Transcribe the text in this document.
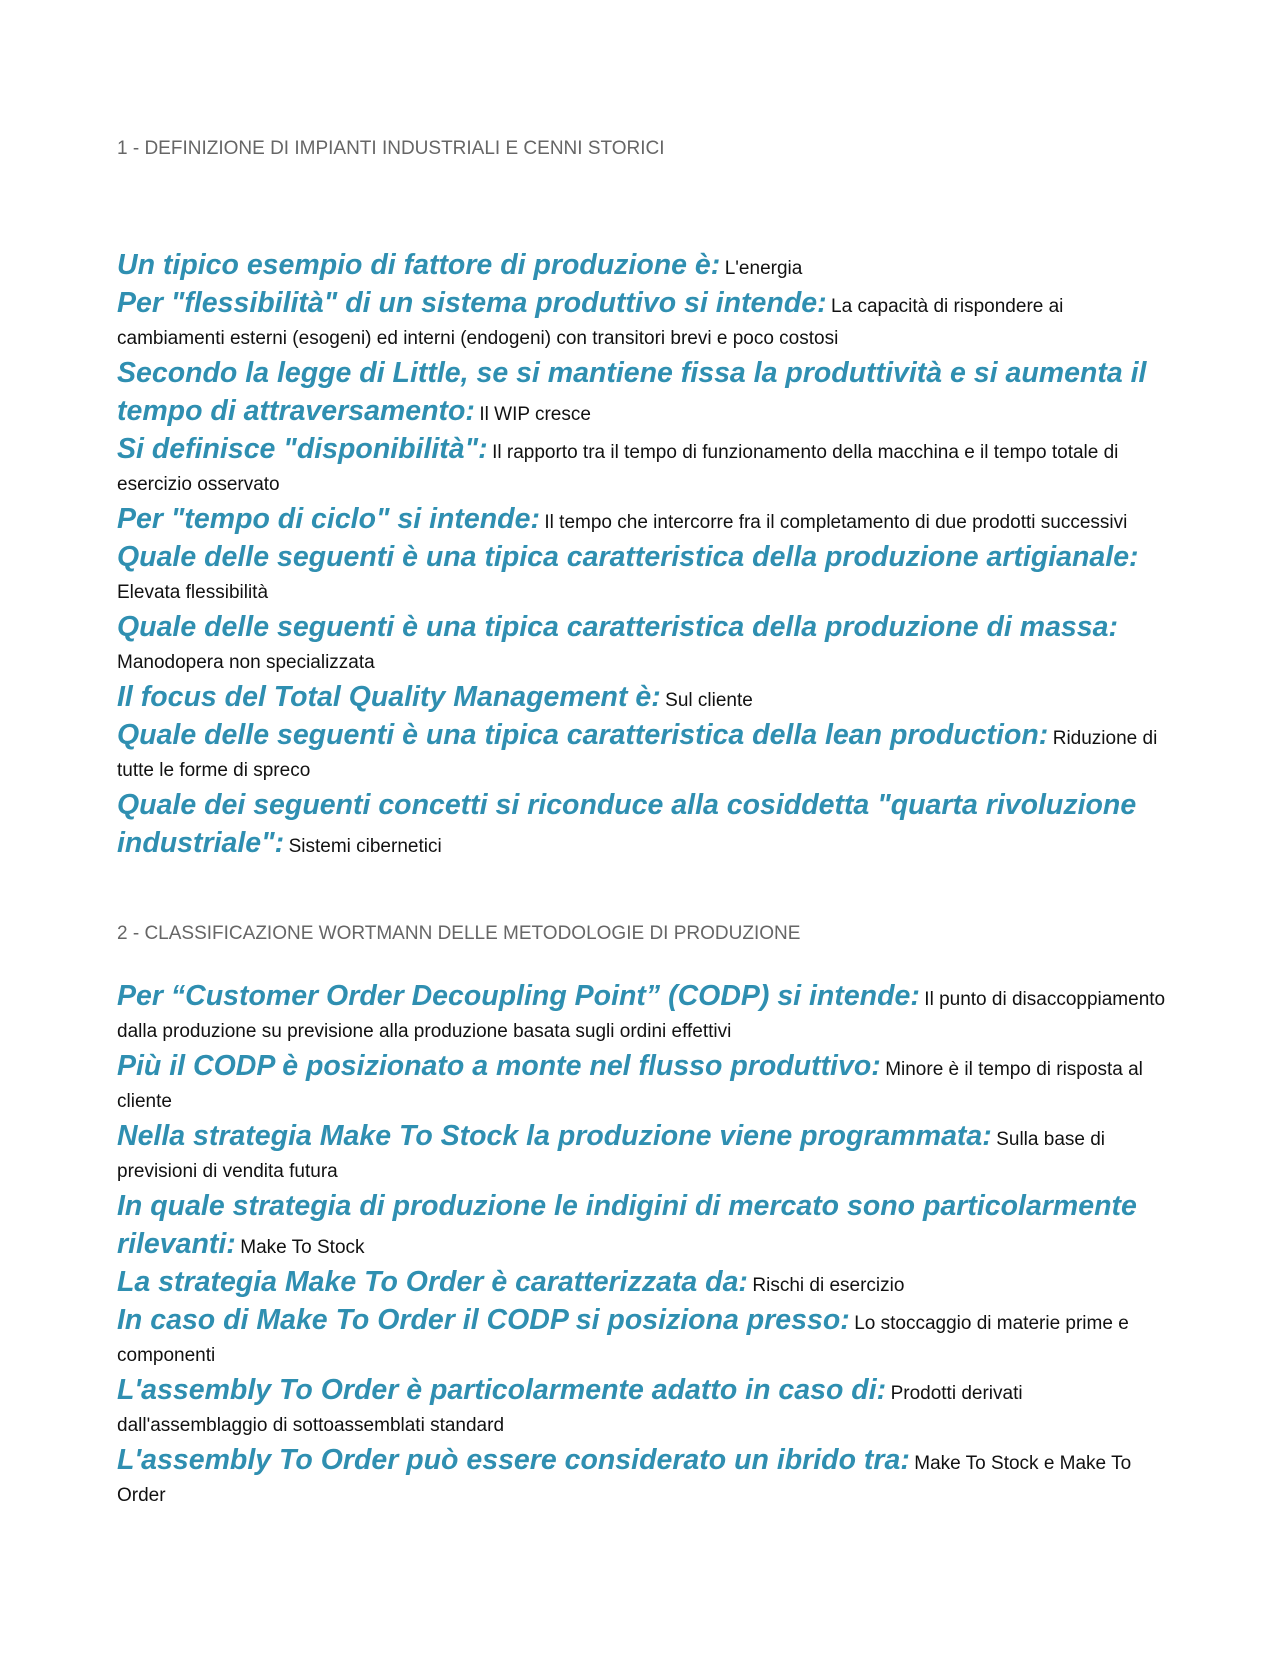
1 - DEFINIZIONE DI IMPIANTI INDUSTRIALI E CENNI STORICI

Un tipico esempio di fattore di produzione è: L'energia

Per "flessibilità" di un sistema produttivo si intende: La capacità di rispondere ai cambiamenti esterni (esogeni) ed interni (endogeni) con transitori brevi e poco costosi

Secondo la legge di Little, se si mantiene fissa la produttività e si aumenta il tempo di attraversamento: Il WIP cresce

Si definisce "disponibilità": Il rapporto tra il tempo di funzionamento della macchina e il tempo totale di esercizio osservato

Per "tempo di ciclo" si intende: Il tempo che intercorre fra il completamento di due prodotti successivi

Quale delle seguenti è una tipica caratteristica della produzione artigianale: Elevata flessibilità

Quale delle seguenti è una tipica caratteristica della produzione di massa: Manodopera non specializzata

Il focus del Total Quality Management è: Sul cliente

Quale delle seguenti è una tipica caratteristica della lean production: Riduzione di tutte le forme di spreco

Quale dei seguenti concetti si riconduce alla cosiddetta "quarta rivoluzione industriale": Sistemi cibernetici

2 - CLASSIFICAZIONE WORTMANN DELLE METODOLOGIE DI PRODUZIONE

Per “Customer Order Decoupling Point” (CODP) si intende: Il punto di disaccoppiamento dalla produzione su previsione alla produzione basata sugli ordini effettivi

Più il CODP è posizionato a monte nel flusso produttivo: Minore è il tempo di risposta al cliente

Nella strategia Make To Stock la produzione viene programmata: Sulla base di previsioni di vendita futura

In quale strategia di produzione le indigini di mercato sono particolarmente rilevanti: Make To Stock

La strategia Make To Order è caratterizzata da: Rischi di esercizio

In caso di Make To Order il CODP si posiziona presso: Lo stoccaggio di materie prime e componenti

L'assembly To Order è particolarmente adatto in caso di: Prodotti derivati dall'assemblaggio di sottoassemblati standard

L'assembly To Order può essere considerato un ibrido tra: Make To Stock e Make To Order
